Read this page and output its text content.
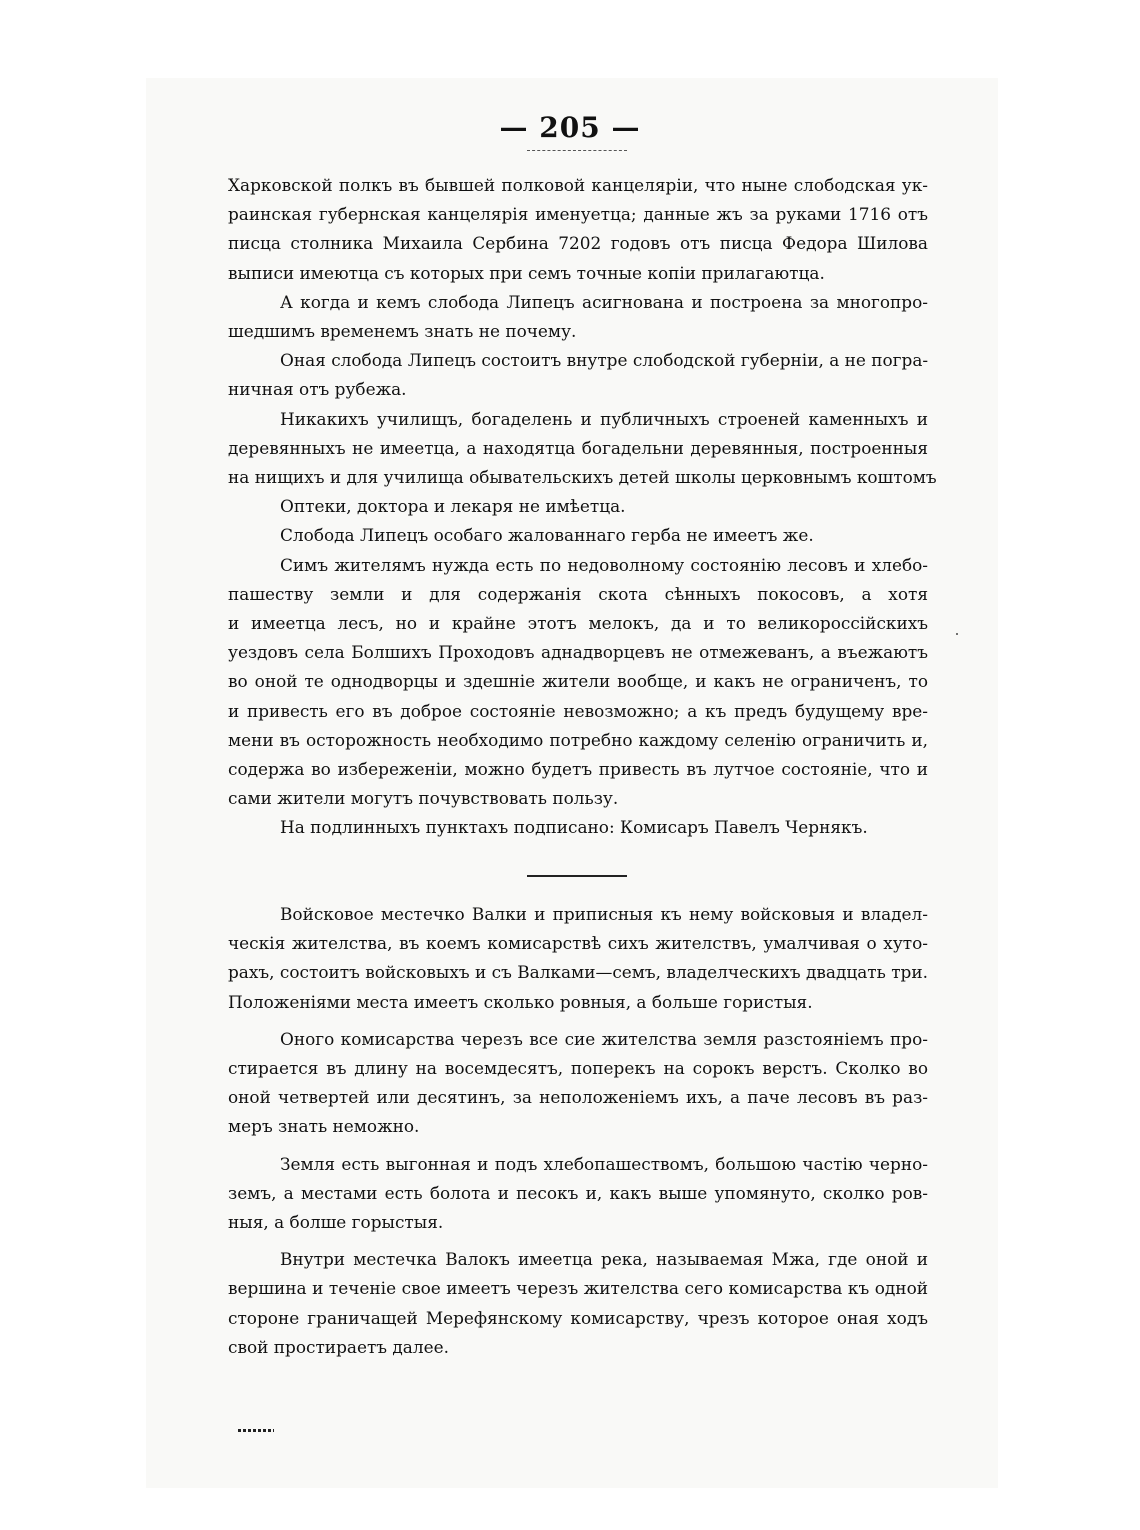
— 205 —
Харковской полкъ въ бывшей полковой канцеляріи, что ныне слободская ук-
раинская губернская канцелярія именуетца; данные жъ за руками 1716 отъ
писца столника Михаила Сербина 7202 годовъ отъ писца Федора Шилова
выписи имеютца съ которых при семъ точные копіи прилагаютца.
А когда и кемъ слобода Липецъ асигнована и построена за многопро-
шедшимъ временемъ знать не почему.
Оная слобода Липецъ состоитъ внутре слободской губерніи, а не погра-
ничная отъ рубежа.
Никакихъ училищъ, богаделень и публичныхъ строеней каменныхъ и
деревянныхъ не имеетца, а находятца богадельни деревянныя, построенныя
на нищихъ и для училища обывательскихъ детей школы церковнымъ коштомъ
Оптеки, доктора и лекаря не имѣетца.
Слобода Липецъ особаго жалованнаго герба не имеетъ же.
Симъ жителямъ нужда есть по недоволному состоянію лесовъ и хлебо-
пашеству земли и для содержанія скота сѣнныхъ покосовъ, а хотя
и имеетца лесъ, но и крайне этотъ мелокъ, да и то великороссійскихъ
уездовъ села Болшихъ Проходовъ аднадворцевъ не отмежеванъ, а въежаютъ
во оной те однодворцы и здешніе жители вообще, и какъ не ограниченъ, то
и привесть его въ доброе состояніе невозможно; а къ предъ будущему вре-
мени въ осторожность необходимо потребно каждому селенію ограничить и,
содержа во избереженіи, можно будетъ привесть въ лутчое состояніе, что и
сами жители могутъ почувствовать пользу.
На подлинныхъ пунктахъ подписано: Комисаръ Павелъ Чернякъ.
Войсковое местечко Валки и приписныя къ нему войсковыя и владел-
ческія жителства, въ коемъ комисарствѣ сихъ жителствъ, умалчивая о хуто-
рахъ, состоитъ войсковыхъ и съ Валками—семъ, владелческихъ двадцать три.
Положеніями места имеетъ сколько ровныя, а больше гористыя.
Оного комисарства черезъ все сие жителства земля разстояніемъ про-
стирается въ длину на восемдесятъ, поперекъ на сорокъ верстъ. Сколко во
оной четвертей или десятинъ, за неположеніемъ ихъ, а паче лесовъ въ раз-
меръ знать неможно.
Земля есть выгонная и подъ хлебопашествомъ, большою частію черно-
земъ, а местами есть болота и песокъ и, какъ выше упомянуто, сколко ров-
ныя, а болше горыстыя.
Внутри местечка Валокъ имеетца река, называемая Мжа, где оной и
вершина и теченіе свое имеетъ черезъ жителства сего комисарства къ одной
стороне граничащей Мерефянскому комисарству, чрезъ которое оная ходъ
свой простираетъ далее.
